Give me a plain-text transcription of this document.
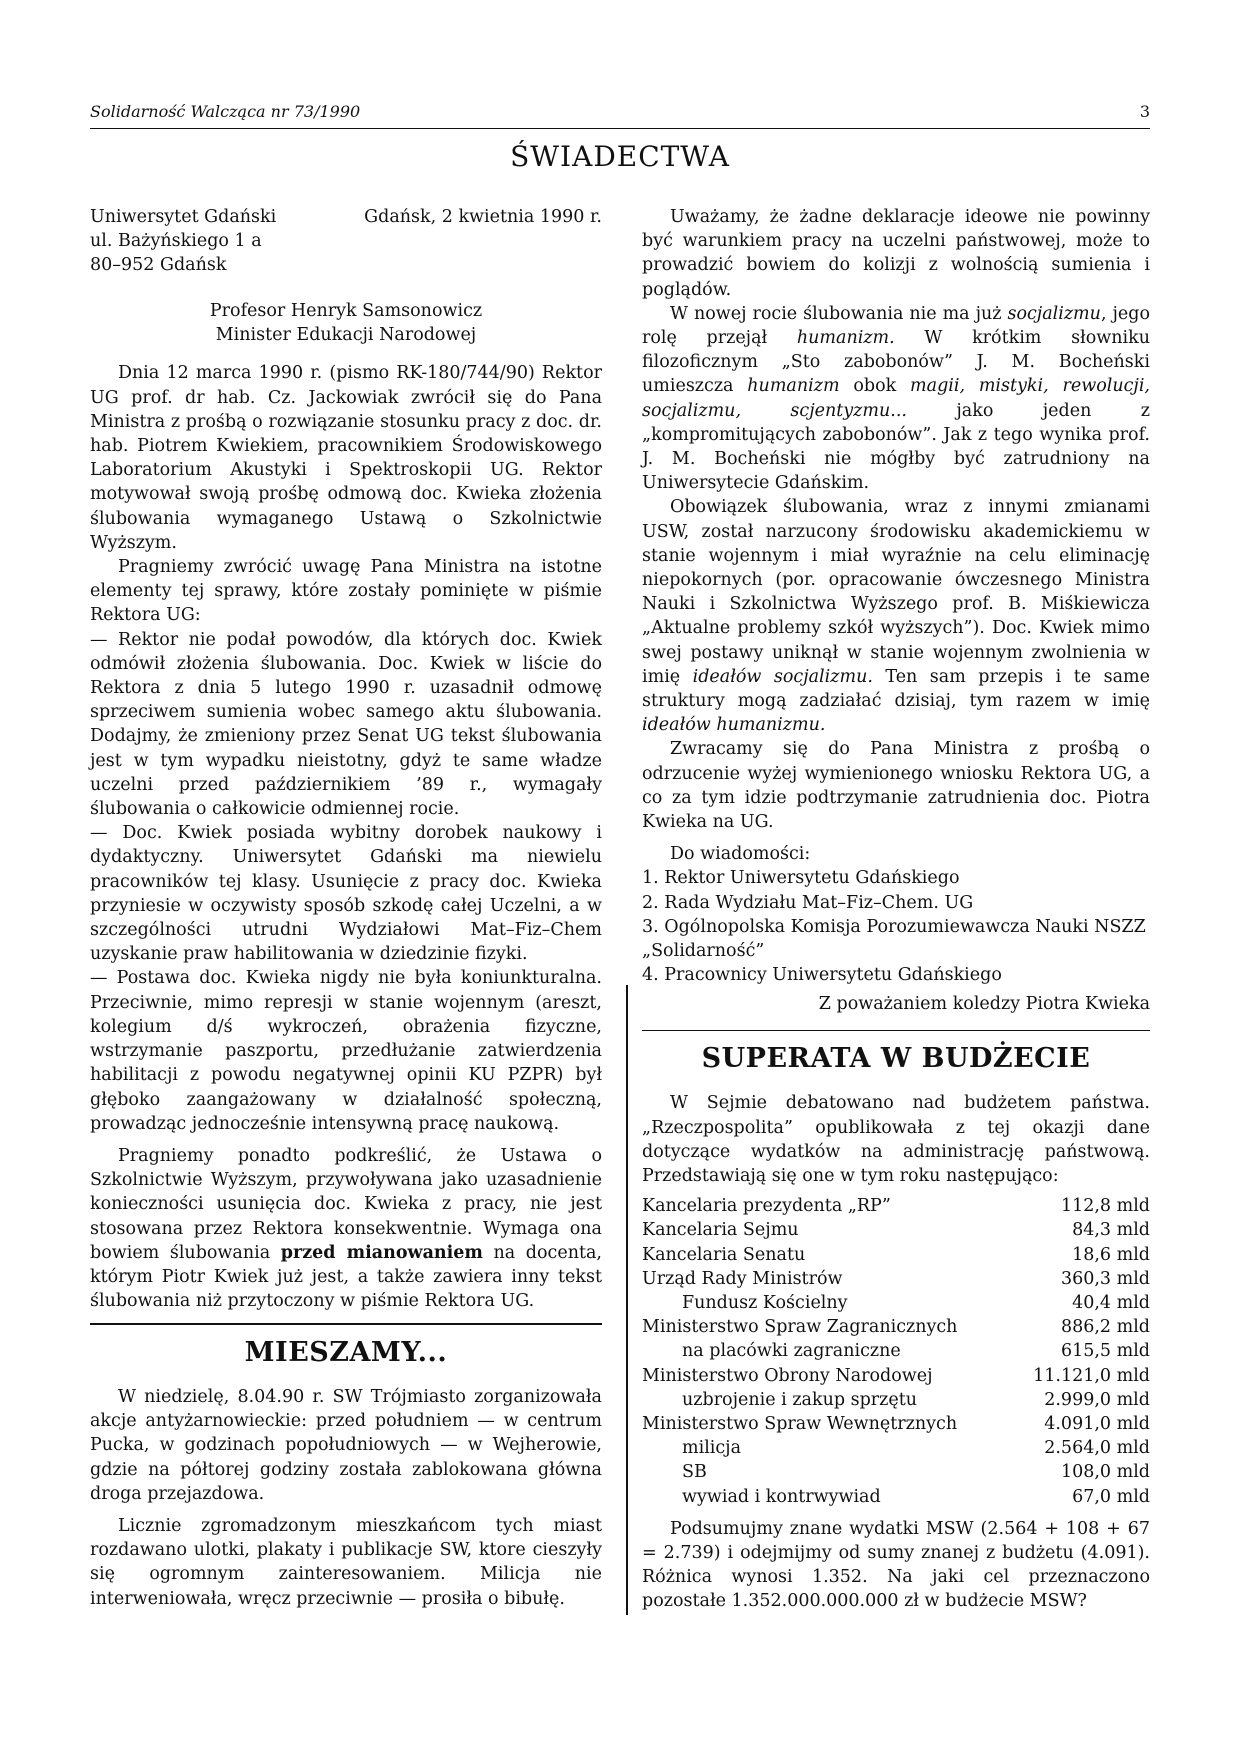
Solidarność Walcząca nr 73/1990	3
ŚWIADECTWA
Uniwersytet Gdański
ul. Bażyńskiego 1 a
80–952 Gdańsk
Gdańsk, 2 kwietnia 1990 r.
Profesor Henryk Samsonowicz
Minister Edukacji Narodowej

Dnia 12 marca 1990 r. (pismo RK-180/744/90) Rektor UG prof. dr hab. Cz. Jackowiak zwrócił się do Pana Ministra z prośbą o rozwiązanie stosunku pracy z doc. dr. hab. Piotrem Kwiekiem, pracownikiem Środowiskowego Laboratorium Akustyki i Spektroskopii UG. Rektor motywował swoją prośbę odmową doc. Kwieka złożenia ślubowania wymaganego Ustawą o Szkolnictwie Wyższym.

Pragniemy zwrócić uwagę Pana Ministra na istotne elementy tej sprawy, które zostały pominięte w piśmie Rektora UG:

— Rektor nie podał powodów, dla których doc. Kwiek odmówił złożenia ślubowania. Doc. Kwiek w liście do Rektora z dnia 5 lutego 1990 r. uzasadnił odmowę sprzeciwem sumienia wobec samego aktu ślubowania. Dodajmy, że zmieniony przez Senat UG tekst ślubowania jest w tym wypadku nieistotny, gdyż te same władze uczelni przed październikiem ’89 r., wymagały ślubowania o całkowicie odmiennej rocie.

— Doc. Kwiek posiada wybitny dorobek naukowy i dydaktyczny. Uniwersytet Gdański ma niewielu pracowników tej klasy. Usunięcie z pracy doc. Kwieka przyniesie w oczywisty sposób szkodę całej Uczelni, a w szczególności utrudni Wydziałowi Mat–Fiz–Chem uzyskanie praw habilitowania w dziedzinie fizyki.

— Postawa doc. Kwieka nigdy nie była koniunkturalna. Przeciwnie, mimo represji w stanie wojennym (areszt, kolegium d/ś wykroczeń, obrażenia fizyczne, wstrzymanie paszportu, przedłużanie zatwierdzenia habilitacji z powodu negatywnej opinii KU PZPR) był głęboko zaangażowany w działalność społeczną, prowadząc jednocześnie intensywną pracę naukową.

Pragniemy ponadto podkreślić, że Ustawa o Szkolnictwie Wyższym, przywoływana jako uzasadnienie konieczności usunięcia doc. Kwieka z pracy, nie jest stosowana przez Rektora konsekwentnie. Wymaga ona bowiem ślubowania przed mianowaniem na docenta, którym Piotr Kwiek już jest, a także zawiera inny tekst ślubowania niż przytoczony w piśmie Rektora UG.

MIESZAMY...

W niedzielę, 8.04.90 r. SW Trójmiasto zorganizowała akcje antyżarnowieckie: przed południem — w centrum Pucka, w godzinach popołudniowych — w Wejherowie, gdzie na półtorej godziny została zablokowana główna droga przejazdowa.

Licznie zgromadzonym mieszkańcom tych miast rozdawano ulotki, plakaty i publikacje SW, ktore cieszyły się ogromnym zainteresowaniem. Milicja nie interweniowała, wręcz przeciwnie — prosiła o bibułę.

Uważamy, że żadne deklaracje ideowe nie powinny być warunkiem pracy na uczelni państwowej, może to prowadzić bowiem do kolizji z wolnością sumienia i poglądów.

W nowej rocie ślubowania nie ma już socjalizmu, jego rolę przejął humanizm. W krótkim słowniku filozoficznym „Sto zabobonów” J. M. Bocheński umieszcza humanizm obok magii, mistyki, rewolucji, socjalizmu, scjentyzmu... jako jeden z „kompromitujących zabobonów”. Jak z tego wynika prof. J. M. Bocheński nie mógłby być zatrudniony na Uniwersytecie Gdańskim.

Obowiązek ślubowania, wraz z innymi zmianami USW, został narzucony środowisku akademickiemu w stanie wojennym i miał wyraźnie na celu eliminację niepokornych (por. opracowanie ówczesnego Ministra Nauki i Szkolnictwa Wyższego prof. B. Miśkiewicza „Aktualne problemy szkół wyższych”). Doc. Kwiek mimo swej postawy uniknął w stanie wojennym zwolnienia w imię ideałów socjalizmu. Ten sam przepis i te same struktury mogą zadziałać dzisiaj, tym razem w imię ideałów humanizmu.

Zwracamy się do Pana Ministra z prośbą o odrzucenie wyżej wymienionego wniosku Rektora UG, a co za tym idzie podtrzymanie zatrudnienia doc. Piotra Kwieka na UG.

Do wiadomości:

1. Rektor Uniwersytetu Gdańskiego
2. Rada Wydziału Mat–Fiz–Chem. UG
3. Ogólnopolska Komisja Porozumiewawcza Nauki NSZZ „Solidarność”
4. Pracownicy Uniwersytetu Gdańskiego
Z poważaniem koledzy Piotra Kwieka
SUPERATA W BUDŻECIE

W Sejmie debatowano nad budżetem państwa. „Rzeczpospolita” opublikowała z tej okazji dane dotyczące wydatków na administrację państwową. Przedstawiają się one w tym roku następująco:

Kancelaria prezydenta „RP”	112,8 mld
Kancelaria Sejmu	84,3 mld
Kancelaria Senatu	18,6 mld
Urząd Rady Ministrów	360,3 mld
Fundusz Kościelny	40,4 mld
Ministerstwo Spraw Zagranicznych	886,2 mld
na placówki zagraniczne	615,5 mld
Ministerstwo Obrony Narodowej	11.121,0 mld
uzbrojenie i zakup sprzętu	2.999,0 mld
Ministerstwo Spraw Wewnętrznych	4.091,0 mld
milicja	2.564,0 mld
SB	108,0 mld
wywiad i kontrwywiad	67,0 mld

Podsumujmy znane wydatki MSW (2.564 + 108 + 67 = 2.739) i odejmijmy od sumy znanej z budżetu (4.091). Różnica wynosi 1.352. Na jaki cel przeznaczono pozostałe 1.352.000.000.000 zł w budżecie MSW?
